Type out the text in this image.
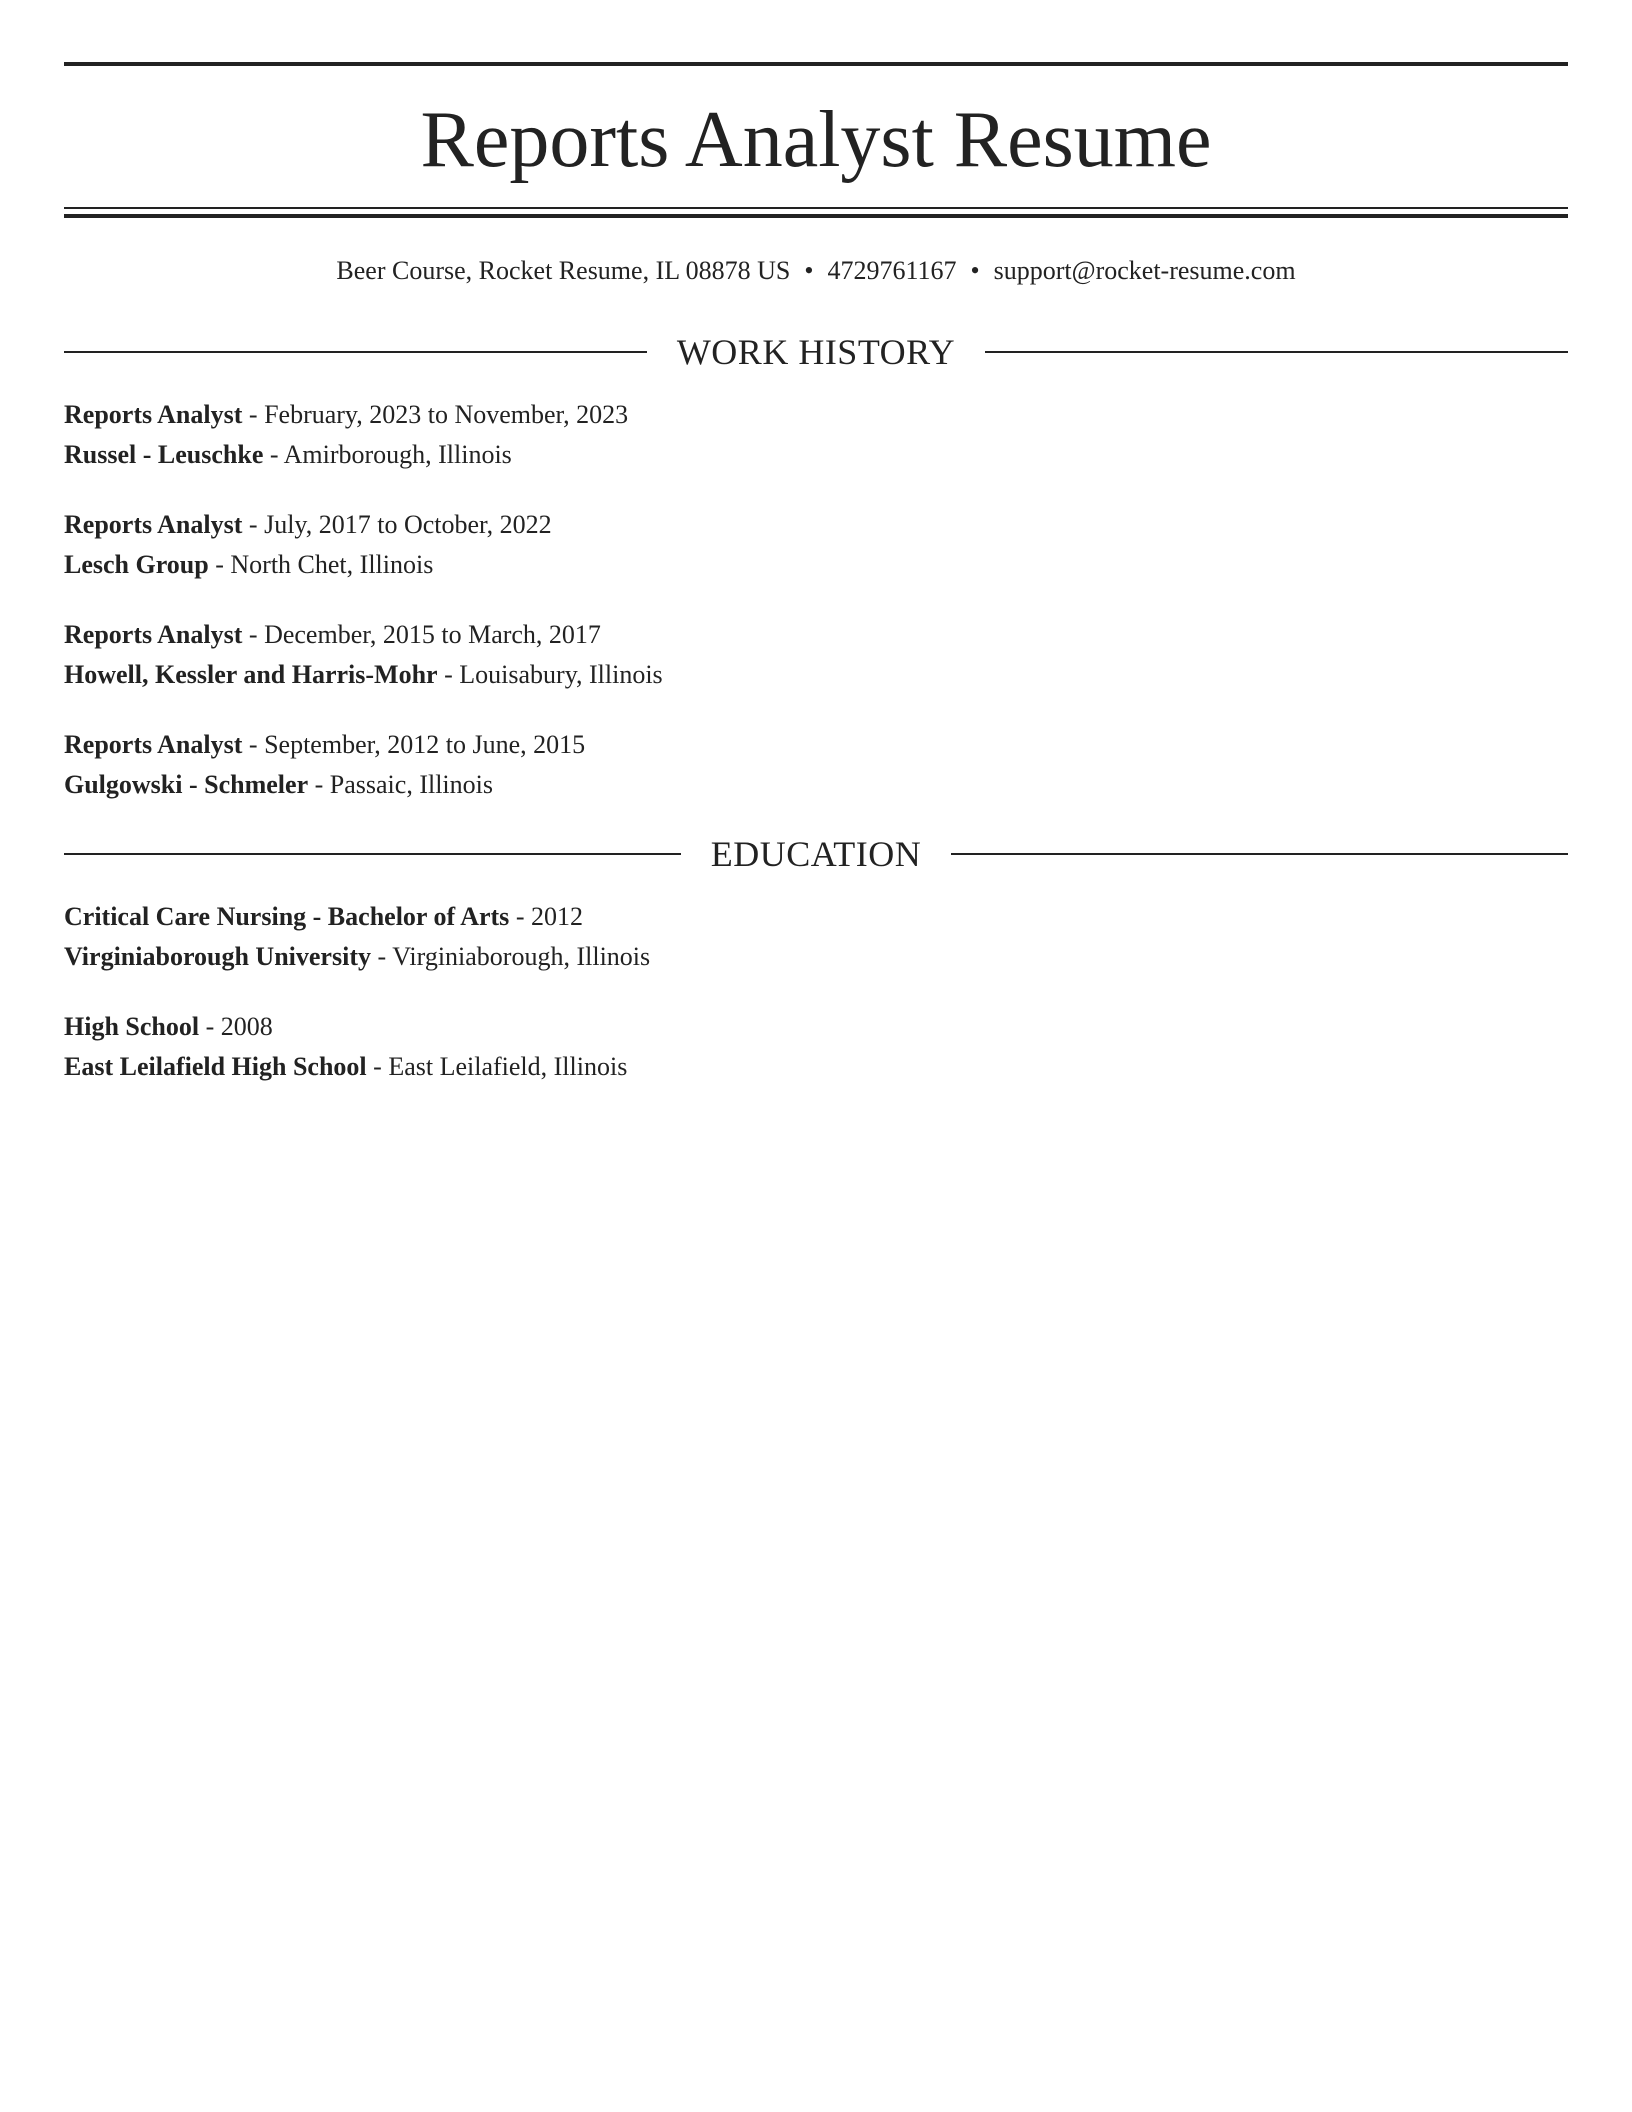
Reports Analyst Resume
Beer Course, Rocket Resume, IL 08878 US • 4729761167 • support@rocket-resume.com
WORK HISTORY
Reports Analyst - February, 2023 to November, 2023
Russel - Leuschke - Amirborough, Illinois
Reports Analyst - July, 2017 to October, 2022
Lesch Group - North Chet, Illinois
Reports Analyst - December, 2015 to March, 2017
Howell, Kessler and Harris-Mohr - Louisabury, Illinois
Reports Analyst - September, 2012 to June, 2015
Gulgowski - Schmeler - Passaic, Illinois
EDUCATION
Critical Care Nursing - Bachelor of Arts - 2012
Virginiaborough University - Virginiaborough, Illinois
High School - 2008
East Leilafield High School - East Leilafield, Illinois
